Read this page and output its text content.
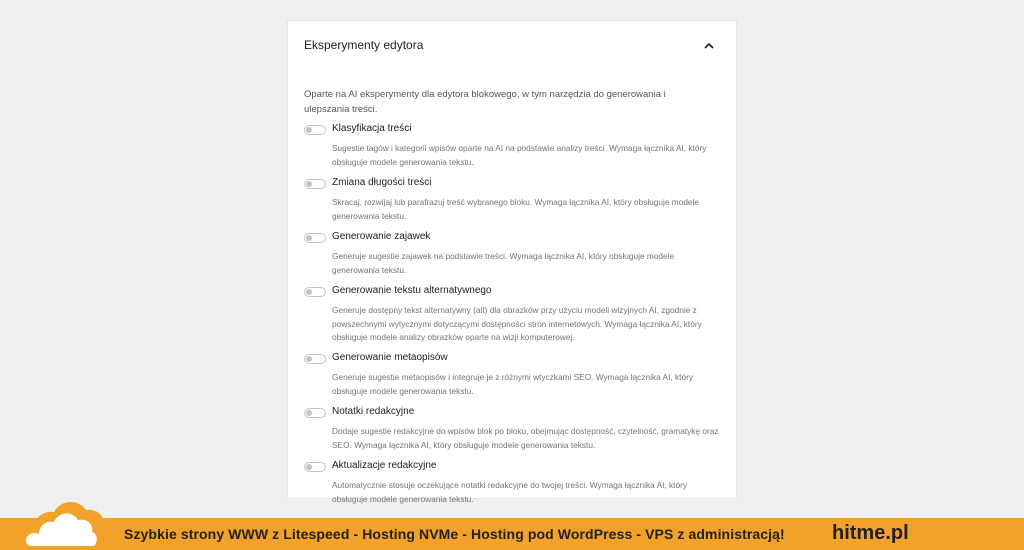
Eksperymenty edytora
Oparte na AI eksperymenty dla edytora blokowego, w tym narzędzia do generowania i ulepszania treści.
Klasyfikacja treści
Sugestie tagów i kategorii wpisów oparte na AI na podstawie analizy treści. Wymaga łącznika AI, który obsługuje modele generowania tekstu.
Zmiana długości treści
Skracaj, rozwijaj lub parafrazuj treść wybranego bloku. Wymaga łącznika AI, który obsługuje modele generowania tekstu.
Generowanie zajawek
Generuje sugestie zajawek na podstawie treści. Wymaga łącznika AI, który obsługuje modele generowania tekstu.
Generowanie tekstu alternatywnego
Generuje dostępny tekst alternatywny (alt) dla obrazków przy użyciu modeli wizyjnych AI, zgodnie z powszechnymi wytycznymi dotyczącymi dostępności stron internetowych. Wymaga łącznika AI, który obsługuje modele analizy obrazków oparte na wizji komputerowej.
Generowanie metaopisów
Generuje sugestie metaopisów i integruje je z różnymi wtyczkami SEO. Wymaga łącznika AI, który obsługuje modele generowania tekstu.
Notatki redakcyjne
Dodaje sugestie redakcyjne do wpisów blok po bloku, obejmując dostępność, czytelność, gramatykę oraz SEO. Wymaga łącznika AI, który obsługuje modele generowania tekstu.
Aktualizacje redakcyjne
Automatycznie stosuje oczekujące notatki redakcyjne do twojej treści. Wymaga łącznika AI, który obsługuje modele generowania tekstu.
Szybkie strony WWW z Litespeed - Hosting NVMe - Hosting pod WordPress - VPS z administracją! hitme.pl
